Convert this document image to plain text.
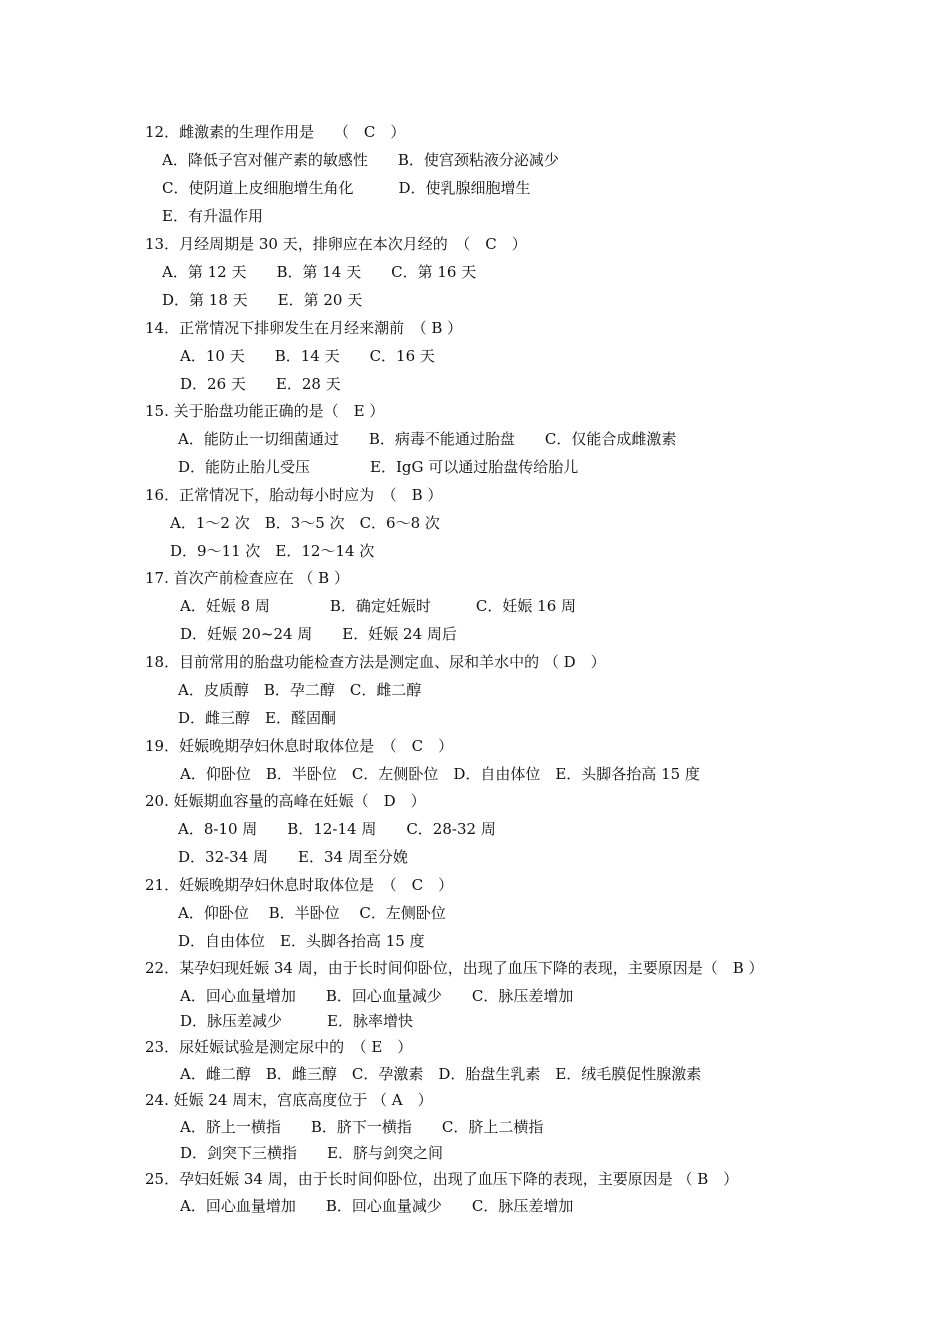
12．雌激素的生理作用是　 （　C　）
A．降低子宫对催产素的敏感性　　B．使宫颈粘液分泌减少
C．使阴道上皮细胞增生角化　　　D．使乳腺细胞增生
E．有升温作用
13．月经周期是 30 天，排卵应在本次月经的　（　C　）
A．第 12 天　　B．第 14 天　　C．第 16 天
D．第 18 天　　E．第 20 天
14．正常情况下排卵发生在月经来潮前　（ B ）
A．10 天　　B．14 天　　C．16 天
D．26 天　　E．28 天
15. 关于胎盘功能正确的是（　E ）
A．能防止一切细菌通过　　B．病毒不能通过胎盘　　C．仅能合成雌激素
D．能防止胎儿受压　　　　E．IgG 可以通过胎盘传给胎儿
16．正常情况下，胎动每小时应为　（　B ）
A．1～2 次　B．3～5 次　C．6～8 次
D．9～11 次　E．12～14 次
17. 首次产前检查应在 （ B ）
A．妊娠 8 周　　　　B．确定妊娠时　　　C．妊娠 16 周
D．妊娠 20~24 周　　E．妊娠 24 周后
18．目前常用的胎盘功能检查方法是测定血、尿和羊水中的 （ D　）
A．皮质醇　B．孕二醇　C．雌二醇
D．雌三醇　E．醛固酮
19．妊娠晚期孕妇休息时取体位是　（　C　）
A．仰卧位　B．半卧位　C．左侧卧位　D．自由体位　E．头脚各抬高 15 度
20. 妊娠期血容量的高峰在妊娠（　D　）
A．8-10 周　　B．12-14 周　　C．28-32 周
D．32-34 周　　E．34 周至分娩
21．妊娠晚期孕妇休息时取体位是　（　C　）
A．仰卧位　 B．半卧位　 C．左侧卧位
D．自由体位　E．头脚各抬高 15 度
22．某孕妇现妊娠 34 周，由于长时间仰卧位，出现了血压下降的表现，主要原因是（　B ）
A．回心血量增加　　B．回心血量减少　　C．脉压差增加
D．脉压差减少　　　E．脉率增快
23．尿妊娠试验是测定尿中的　（ E　）
A．雌二醇　B．雌三醇　C．孕激素　D．胎盘生乳素　E．绒毛膜促性腺激素
24. 妊娠 24 周末，宫底高度位于 （ A　）
A．脐上一横指　　B．脐下一横指　　C．脐上二横指
D．剑突下三横指　　E．脐与剑突之间
25．孕妇妊娠 34 周，由于长时间仰卧位，出现了血压下降的表现，主要原因是 （ B　）
A．回心血量增加　　B．回心血量减少　　C．脉压差增加
